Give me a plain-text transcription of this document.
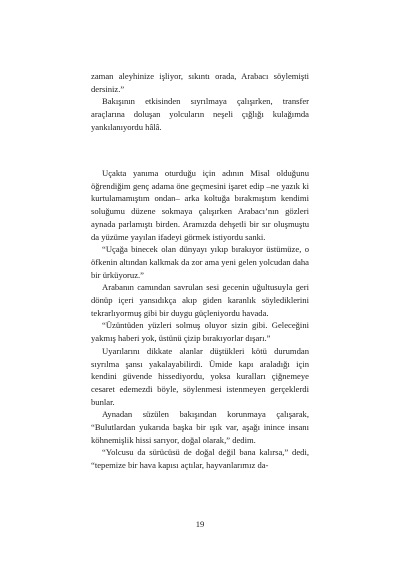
zaman aleyhinize işliyor, sıkıntı orada, Arabacı söylemişti dersiniz.”

Bakışının etkisinden sıyrılmaya çalışırken, transfer araçlarına doluşan yolcuların neşeli çığlığı kulağımda yankılanıyordu hâlâ.

Uçakta yanıma oturduğu için adının Misal olduğunu öğrendiğim genç adama öne geçmesini işaret edip –ne yazık ki kurtulamamıştım ondan– arka koltuğa bırakmıştım kendimi soluğumu düzene sokmaya çalışırken Arabacı’nın gözleri aynada parlamıştı birden. Aramızda dehşetli bir sır oluşmuştu da yüzüme yayılan ifadeyi görmek istiyordu sanki.

“Uçağa binecek olan dünyayı yıkıp bırakıyor üstümüze, o öfkenin altından kalkmak da zor ama yeni gelen yolcudan daha bir ürküyoruz.”

Arabanın camından savrulan sesi gecenin uğultusuyla geri dönüp içeri yansıdıkça akıp giden karanlık söylediklerini tekrarlıyormuş gibi bir duygu güçleniyordu havada.

“Üzüntüden yüzleri solmuş oluyor sizin gibi. Geleceğini yakmış haberi yok, üstünü çizip bırakıyorlar dışarı.”

Uyarılarını dikkate alanlar düştükleri kötü durumdan sıyrılma şansı yakalayabilirdi. Ümide kapı araladığı için kendini güvende hissediyordu, yoksa kuralları çiğnemeye cesaret edemezdi böyle, söylenmesi istenmeyen gerçeklerdi bunlar.

Aynadan süzülen bakışından korunmaya çalışarak, “Bulutlardan yukarıda başka bir ışık var, aşağı inince insanı köhnemişlik hissi sarıyor, doğal olarak,” dedim.

“Yolcusu da sürücüsü de doğal değil bana kalırsa,” dedi, “tepemize bir hava kapısı açtılar, hayvanlarımız da-

19
